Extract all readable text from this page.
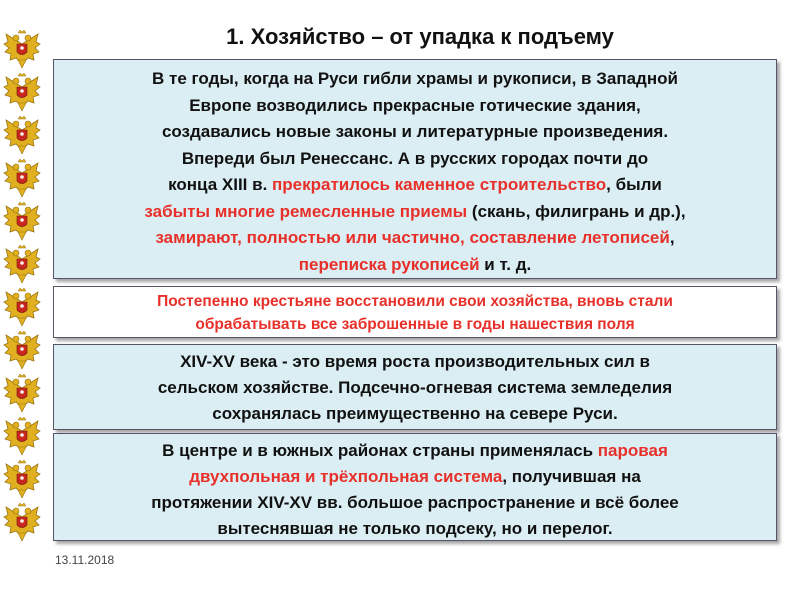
1. Хозяйство – от упадка к подъему
В те годы, когда на Руси гибли храмы и рукописи, в Западной
Европе возводились прекрасные готические здания,
создавались новые законы и литературные произведения.
Впереди был Ренессанс. А в русских городах почти до
конца XIII в. прекратилось каменное строительство, были
забыты многие ремесленные приемы (скань, филигрань и др.),
замирают, полностью или частично, составление летописей,
переписка рукописей и т. д.
Постепенно крестьяне восстановили свои хозяйства, вновь стали
обрабатывать все заброшенные в годы нашествия поля
XIV-XV века - это время роста производительных сил в
сельском хозяйстве. Подсечно-огневая система земледелия
сохранялась преимущественно на севере Руси.
В центре и в южных районах страны применялась паровая
двухпольная и трёхпольная система, получившая на
протяжении XIV-XV вв. большое распространение и всё более
вытеснявшая не только подсеку, но и перелог.
13.11.2018
